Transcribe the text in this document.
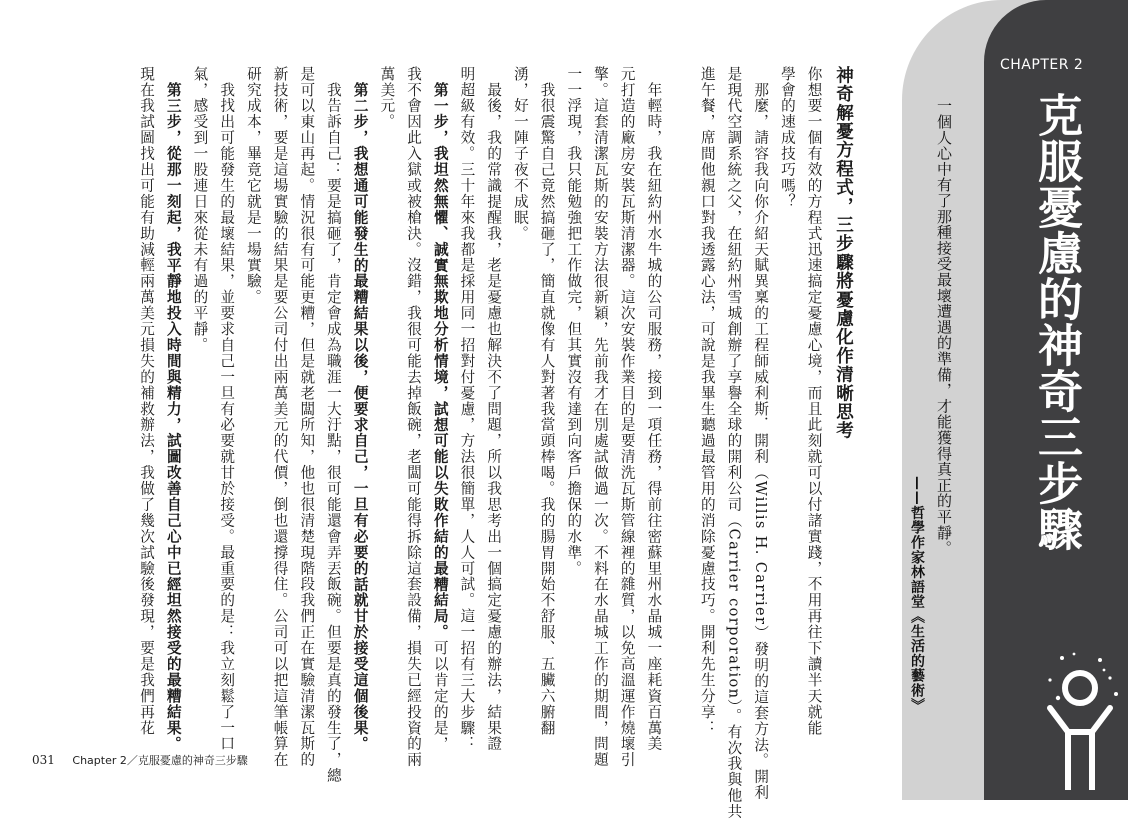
CHAPTER 2
克服憂慮的神奇三步驟
一個人心中有了那種接受最壞遭遇的準備，才能獲得真正的平靜。
——哲學作家林語堂《生活的藝術》
神奇解憂方程式，三步驟將憂慮化作清晰思考
你想要一個有效的方程式迅速搞定憂慮心境，而且此刻就可以付諸實踐，不用再往下讀半天就能
學會的速成技巧嗎？
　那麼，請容我向你介紹天賦異稟的工程師威利斯．開利（Willis H. Carrier）發明的這套方法。開利
是現代空調系統之父，在紐約州雪城創辦了享譽全球的開利公司（Carrier corporation）。有次我與他共
進午餐，席間他親口對我透露心法，可說是我畢生聽過最管用的消除憂慮技巧。開利先生分享：
　年輕時，我在紐約州水牛城的公司服務，接到一項任務，得前往密蘇里州水晶城一座耗資百萬美
元打造的廠房安裝瓦斯清潔器。這次安裝作業目的是要清洗瓦斯管線裡的雜質，以免高溫運作燒壞引
擎。這套清潔瓦斯的安裝方法很新穎，先前我才在別處試做過一次。不料在水晶城工作的期間，問題
一一浮現，我只能勉強把工作做完，但其實沒有達到向客戶擔保的水準。
　我很震驚自己竟然搞砸了，簡直就像有人對著我當頭棒喝。我的腸胃開始不舒服、五臟六腑翻
湧，好一陣子夜不成眠。
　最後，我的常識提醒我，老是憂慮也解決不了問題，所以我思考出一個搞定憂慮的辦法，結果證
明超級有效。三十年來我都是採用同一招對付憂慮，方法很簡單，人人可試。這一招有三大步驟：
　第一步，我坦然無懼、誠實無欺地分析情境，試想可能以失敗作結的最糟結局。可以肯定的是，
我不會因此入獄或被槍決。沒錯，我很可能去掉飯碗，老闆可能得拆除這套設備，損失已經投資的兩
萬美元。
　第二步，我想通可能發生的最糟結果以後，便要求自己，一旦有必要的話就甘於接受這個後果。
　我告訴自己：要是搞砸了，肯定會成為職涯一大汙點，很可能還會弄丟飯碗。但要是真的發生了，總
是可以東山再起。情況很有可能更糟，但是就老闆所知，他也很清楚現階段我們正在實驗清潔瓦斯的
新技術，要是這場實驗的結果是要公司付出兩萬美元的代價，倒也還撐得住。公司可以把這筆帳算在
研究成本，畢竟它就是一場實驗。
　我找出可能發生的最壞結果，並要求自己一旦有必要就甘於接受。最重要的是：我立刻鬆了一口
氣，感受到一股連日來從未有過的平靜。
　第三步，從那一刻起，我平靜地投入時間與精力，試圖改善自己心中已經坦然接受的最糟結果。
現在我試圖找出可能有助減輕兩萬美元損失的補救辦法，我做了幾次試驗後發現，要是我們再花
031 Chapter 2／克服憂慮的神奇三步驟
